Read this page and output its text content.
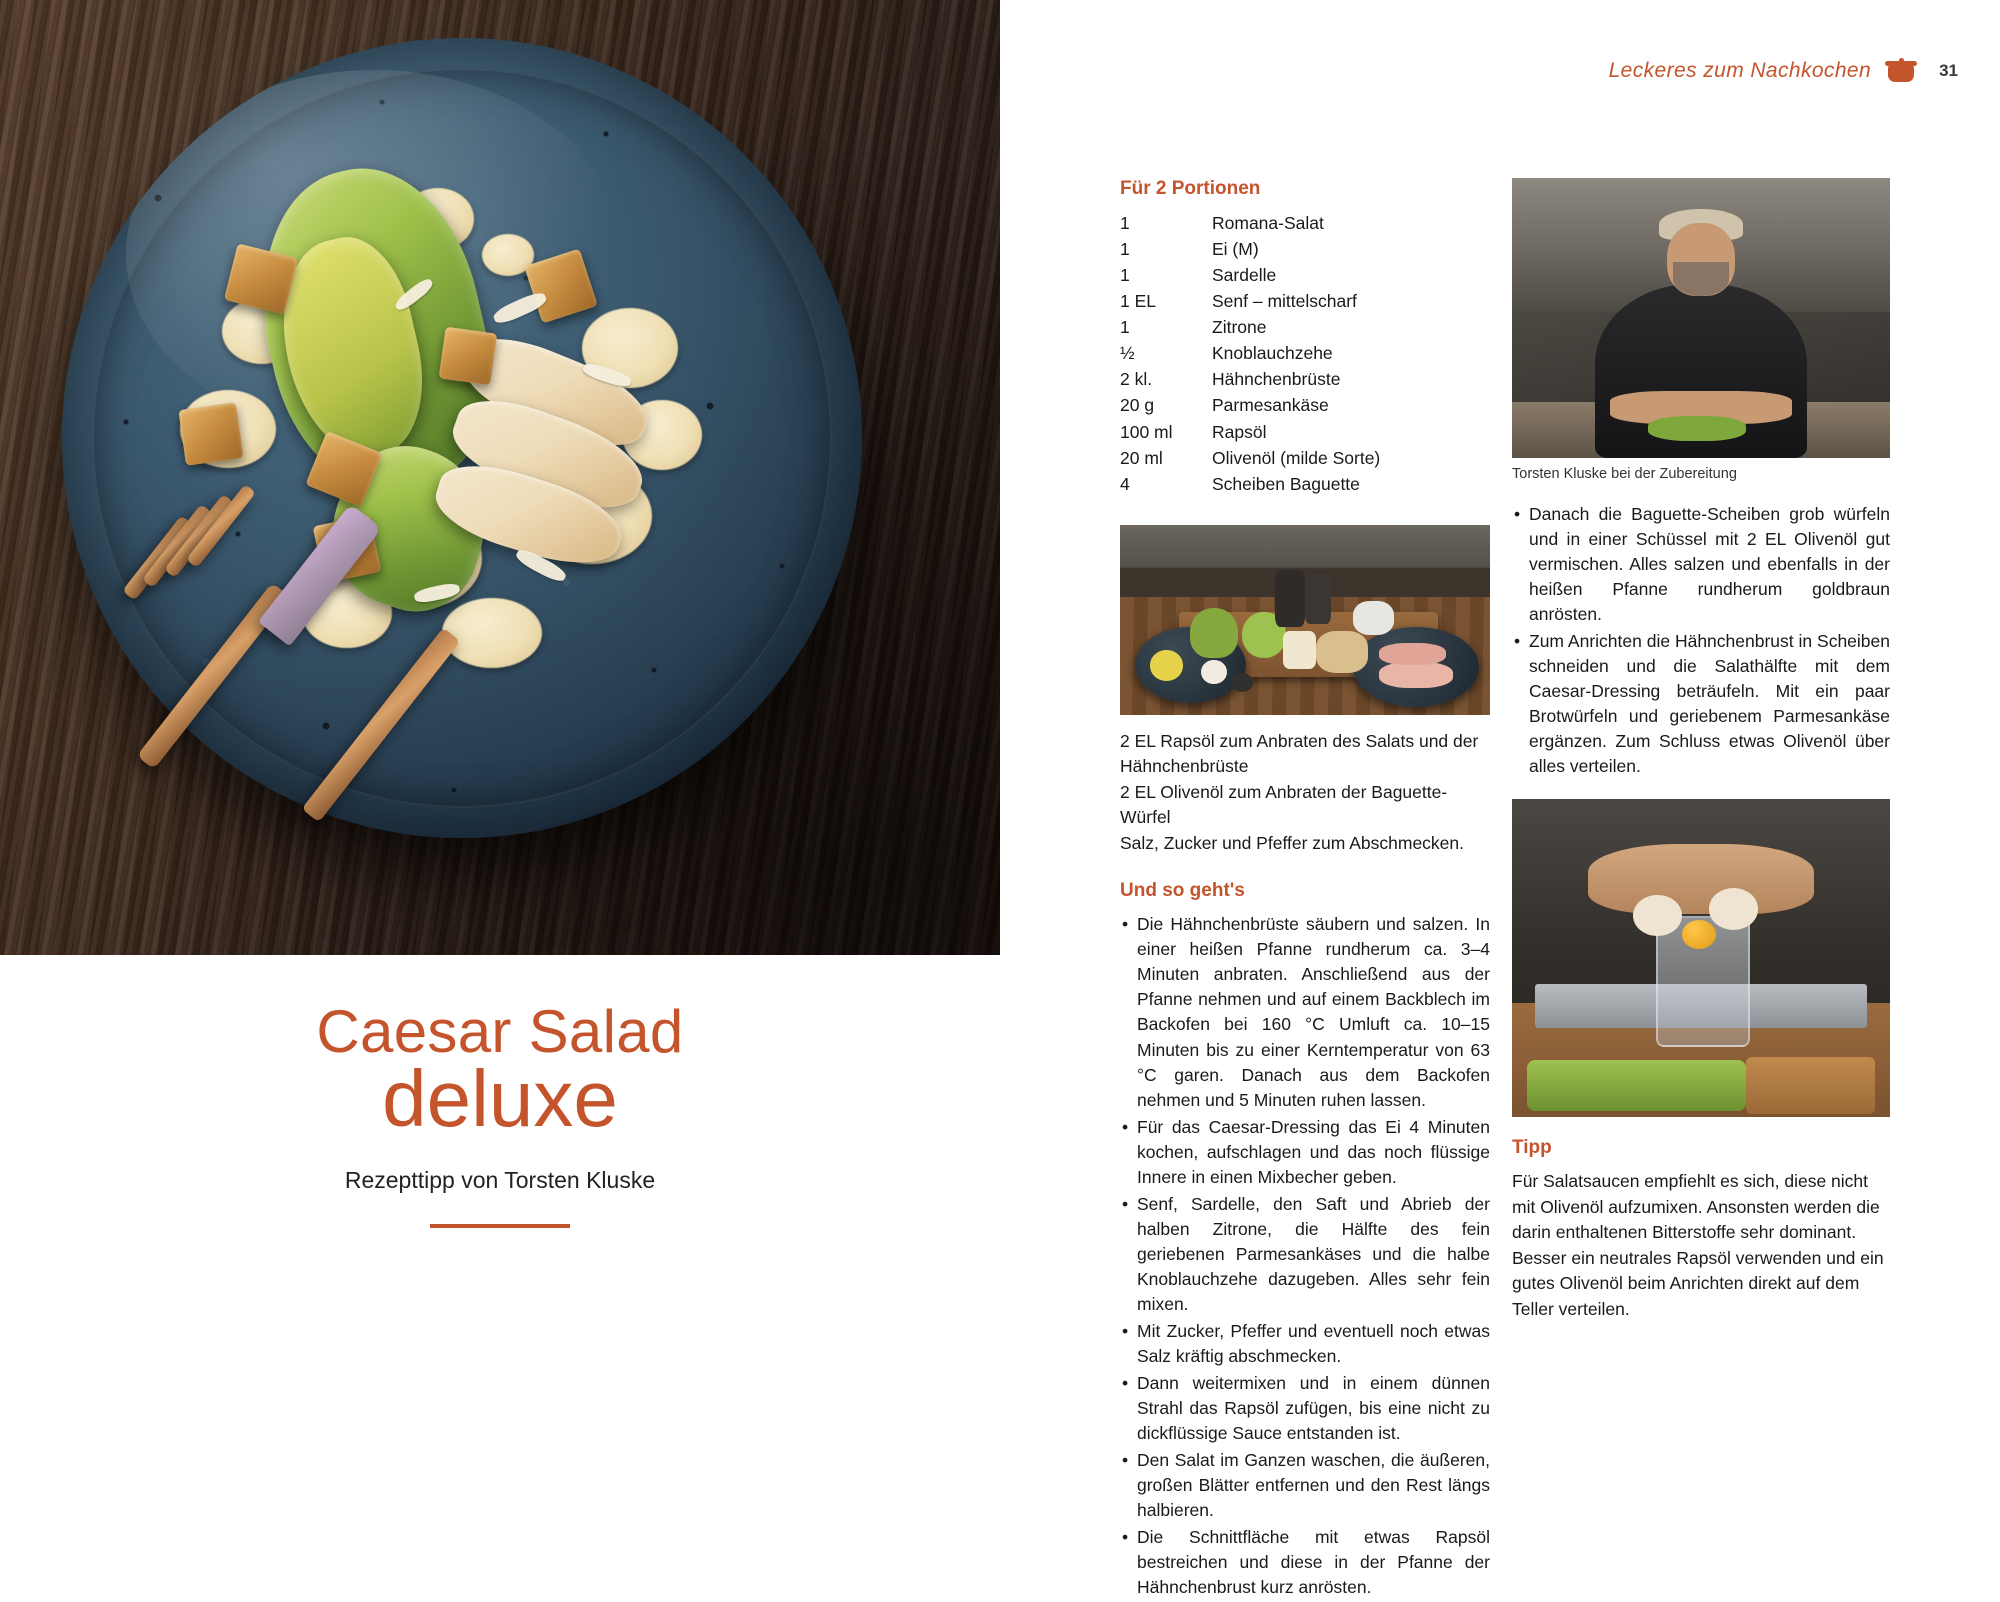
Caesar Salad
deluxe
Rezepttipp von Torsten Kluske
Leckeres zum Nachkochen	31
Für 2 Portionen
1	Romana-Salat
1	Ei (M)
1	Sardelle
1 EL	Senf – mittelscharf
1	Zitrone
½	Knoblauchzehe
2 kl.	Hähnchenbrüste
20 g	Parmesankäse
100 ml	Rapsöl
20 ml	Olivenöl (milde Sorte)
4	Scheiben Baguette

2 EL Rapsöl zum Anbraten des Salats und der Hähnchenbrüste

2 EL Olivenöl zum Anbraten der Baguette-Würfel

Salz, Zucker und Pfeffer zum Abschmecken.

Und so geht's
• Die Hähnchenbrüste säubern und salzen. In einer heißen Pfanne rundherum ca. 3–4 Minuten anbraten. Anschließend aus der Pfanne nehmen und auf einem Backblech im Backofen bei 160 °C Umluft ca. 10–15 Minuten bis zu einer Kerntemperatur von 63 °C garen. Danach aus dem Backofen nehmen und 5 Minuten ruhen lassen.
• Für das Caesar-Dressing das Ei 4 Minuten kochen, aufschlagen und das noch flüssige Innere in einen Mixbecher geben.
• Senf, Sardelle, den Saft und Abrieb der halben Zitrone, die Hälfte des fein geriebenen Parmesankäses und die halbe Knoblauchzehe dazugeben. Alles sehr fein mixen.
• Mit Zucker, Pfeffer und eventuell noch etwas Salz kräftig abschmecken.
• Dann weitermixen und in einem dünnen Strahl das Rapsöl zufügen, bis eine nicht zu dickflüssige Sauce entstanden ist.
• Den Salat im Ganzen waschen, die äußeren, großen Blätter entfernen und den Rest längs halbieren.
• Die Schnittfläche mit etwas Rapsöl bestreichen und diese in der Pfanne der Hähnchenbrust kurz anrösten.
Torsten Kluske bei der Zubereitung
• Danach die Baguette-Scheiben grob würfeln und in einer Schüssel mit 2 EL Olivenöl gut vermischen. Alles salzen und ebenfalls in der heißen Pfanne rundherum goldbraun anrösten.
• Zum Anrichten die Hähnchenbrust in Scheiben schneiden und die Salathälfte mit dem Caesar-Dressing beträufeln. Mit ein paar Brotwürfeln und geriebenem Parmesankäse ergänzen. Zum Schluss etwas Olivenöl über alles verteilen.
Tipp
Für Salatsaucen empfiehlt es sich, diese nicht mit Olivenöl aufzumixen. Ansonsten werden die darin enthaltenen Bitterstoffe sehr dominant. Besser ein neutrales Rapsöl verwenden und ein gutes Olivenöl beim Anrichten direkt auf dem Teller verteilen.
